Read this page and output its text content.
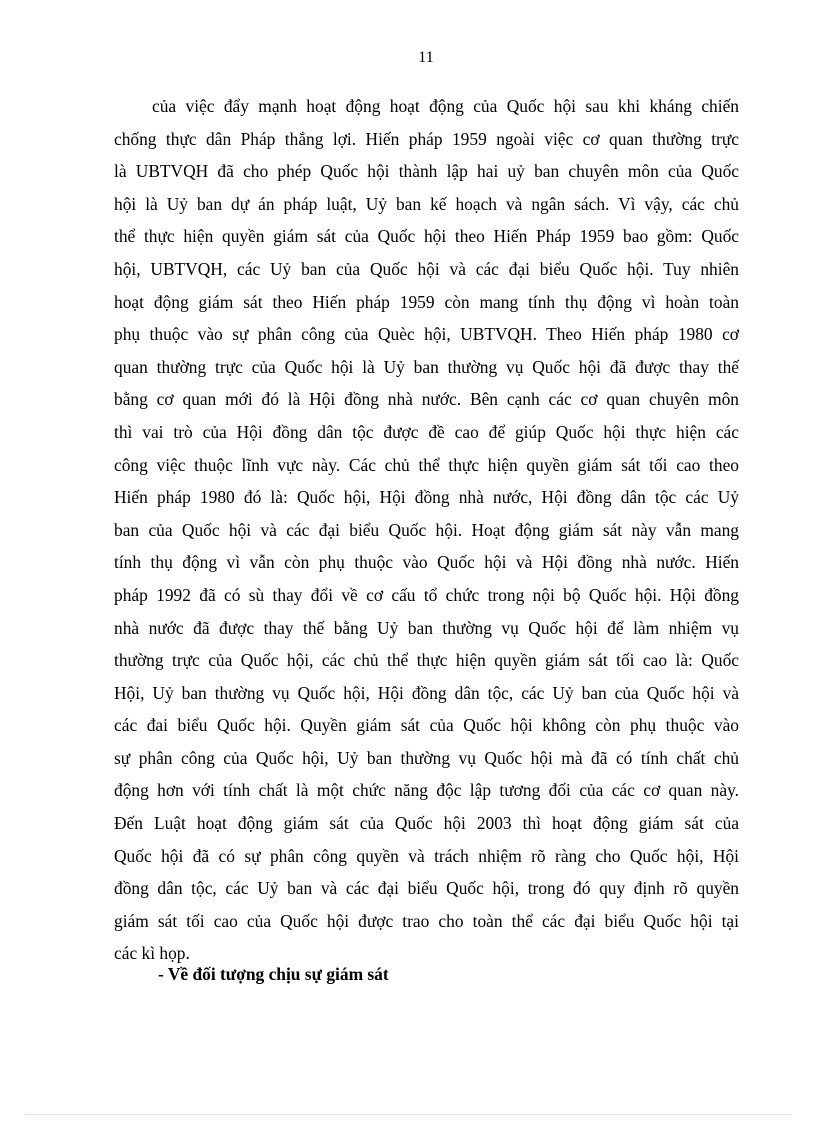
11
của việc đẩy mạnh hoạt động hoạt động của Quốc hội sau khi kháng chiến
chống thực dân Pháp thắng lợi. Hiến pháp 1959 ngoài việc cơ quan thường trực
là UBTVQH đã cho phép Quốc hội thành lập hai uỷ ban chuyên môn của Quốc
hội là Uỷ ban dự án pháp luật, Uỷ ban kế hoạch và ngân sách. Vì vậy, các chủ
thể thực hiện quyền giám sát của Quốc hội theo Hiến Pháp 1959 bao gồm: Quốc
hội, UBTVQH, các Uỷ ban của Quốc hội và các đại biểu Quốc hội. Tuy nhiên
hoạt động giám sát theo Hiến pháp 1959 còn mang tính thụ động vì hoàn toàn
phụ thuộc vào sự phân công của Quèc hội, UBTVQH. Theo Hiến pháp 1980 cơ
quan thường trực của Quốc hội là Uỷ ban thường vụ Quốc hội đã được thay thế
bằng cơ quan mới đó là Hội đồng nhà nước. Bên cạnh các cơ quan chuyên môn
thì vai trò của Hội đồng dân tộc được đề cao để giúp Quốc hội thực hiện các
công việc thuộc lĩnh vực này. Các chủ thể thực hiện quyền giám sát tối cao theo
Hiến pháp 1980 đó là: Quốc hội, Hội đồng nhà nước, Hội đồng dân tộc các Uỷ
ban của Quốc hội và các đại biểu Quốc hội. Hoạt động giám sát này vẫn mang
tính thụ động vì vẫn còn phụ thuộc vào Quốc hội và Hội đồng nhà nước. Hiến
pháp 1992 đã có sù thay đổi về cơ cấu tổ chức trong nội bộ Quốc hội. Hội đồng
nhà nước đã được thay thế bằng Uỷ ban thường vụ Quốc hội để làm nhiệm vụ
thường trực của Quốc hội, các chủ thể thực hiện quyền giám sát tối cao là: Quốc
Hội, Uỷ ban thường vụ Quốc hội, Hội đồng dân tộc, các Uỷ ban của Quốc hội và
các đai biểu Quốc hội. Quyền giám sát của Quốc hội không còn phụ thuộc vào
sự phân công của Quốc hội, Uỷ ban thường vụ Quốc hội mà đã có tính chất chủ
động hơn với tính chất là một chức năng độc lập tương đối của các cơ quan này.
Đến Luật hoạt động giám sát của Quốc hội 2003 thì hoạt động giám sát của
Quốc hội đã có sự phân công quyền và trách nhiệm rõ ràng cho Quốc hội, Hội
đồng dân tộc, các Uỷ ban và các đại biểu Quốc hội, trong đó quy định rõ quyền
giám sát tối cao của Quốc hội được trao cho toàn thể các đại biểu Quốc hội tại
các kì họp.

- Về đối tượng chịu sự giám sát
